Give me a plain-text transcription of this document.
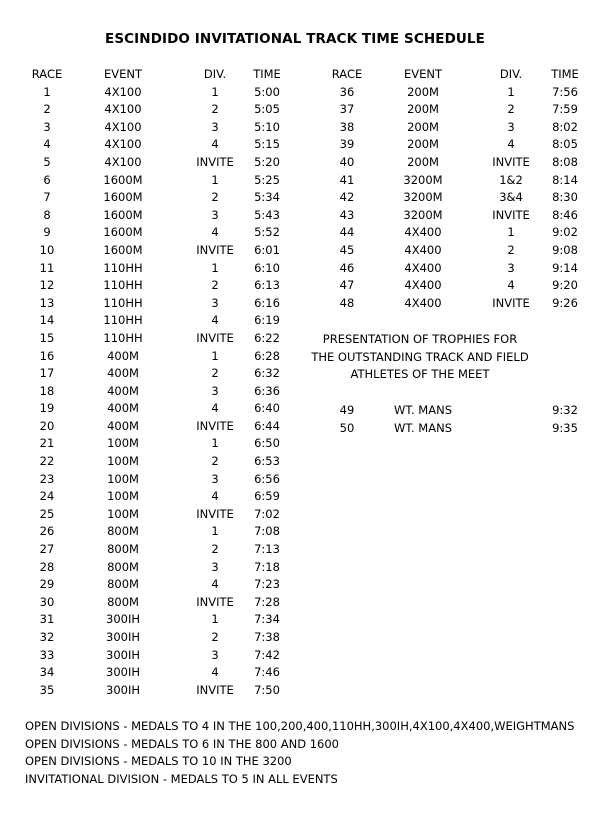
ESCINDIDO INVITATIONAL TRACK TIME SCHEDULE
RACE	EVENT	DIV.	TIME
1	4X100	1	5:00
2	4X100	2	5:05
3	4X100	3	5:10
4	4X100	4	5:15
5	4X100	INVITE	5:20
6	1600M	1	5:25
7	1600M	2	5:34
8	1600M	3	5:43
9	1600M	4	5:52
10	1600M	INVITE	6:01
11	110HH	1	6:10
12	110HH	2	6:13
13	110HH	3	6:16
14	110HH	4	6:19
15	110HH	INVITE	6:22
16	400M	1	6:28
17	400M	2	6:32
18	400M	3	6:36
19	400M	4	6:40
20	400M	INVITE	6:44
21	100M	1	6:50
22	100M	2	6:53
23	100M	3	6:56
24	100M	4	6:59
25	100M	INVITE	7:02
26	800M	1	7:08
27	800M	2	7:13
28	800M	3	7:18
29	800M	4	7:23
30	800M	INVITE	7:28
31	300IH	1	7:34
32	300IH	2	7:38
33	300IH	3	7:42
34	300IH	4	7:46
35	300IH	INVITE	7:50
RACE	EVENT	DIV.	TIME
36	200M	1	7:56
37	200M	2	7:59
38	200M	3	8:02
39	200M	4	8:05
40	200M	INVITE	8:08
41	3200M	1&2	8:14
42	3200M	3&4	8:30
43	3200M	INVITE	8:46
44	4X400	1	9:02
45	4X400	2	9:08
46	4X400	3	9:14
47	4X400	4	9:20
48	4X400	INVITE	9:26
PRESENTATION OF TROPHIES FOR
THE OUTSTANDING TRACK AND FIELD
ATHLETES OF THE MEET
49	WT. MANS		9:32
50	WT. MANS		9:35
OPEN DIVISIONS - MEDALS TO 4 IN THE 100,200,400,110HH,300IH,4X100,4X400,WEIGHTMANS
OPEN DIVISIONS - MEDALS TO 6 IN THE 800 AND 1600
OPEN DIVISIONS - MEDALS TO 10 IN THE 3200
INVITATIONAL DIVISION - MEDALS TO 5 IN ALL EVENTS
